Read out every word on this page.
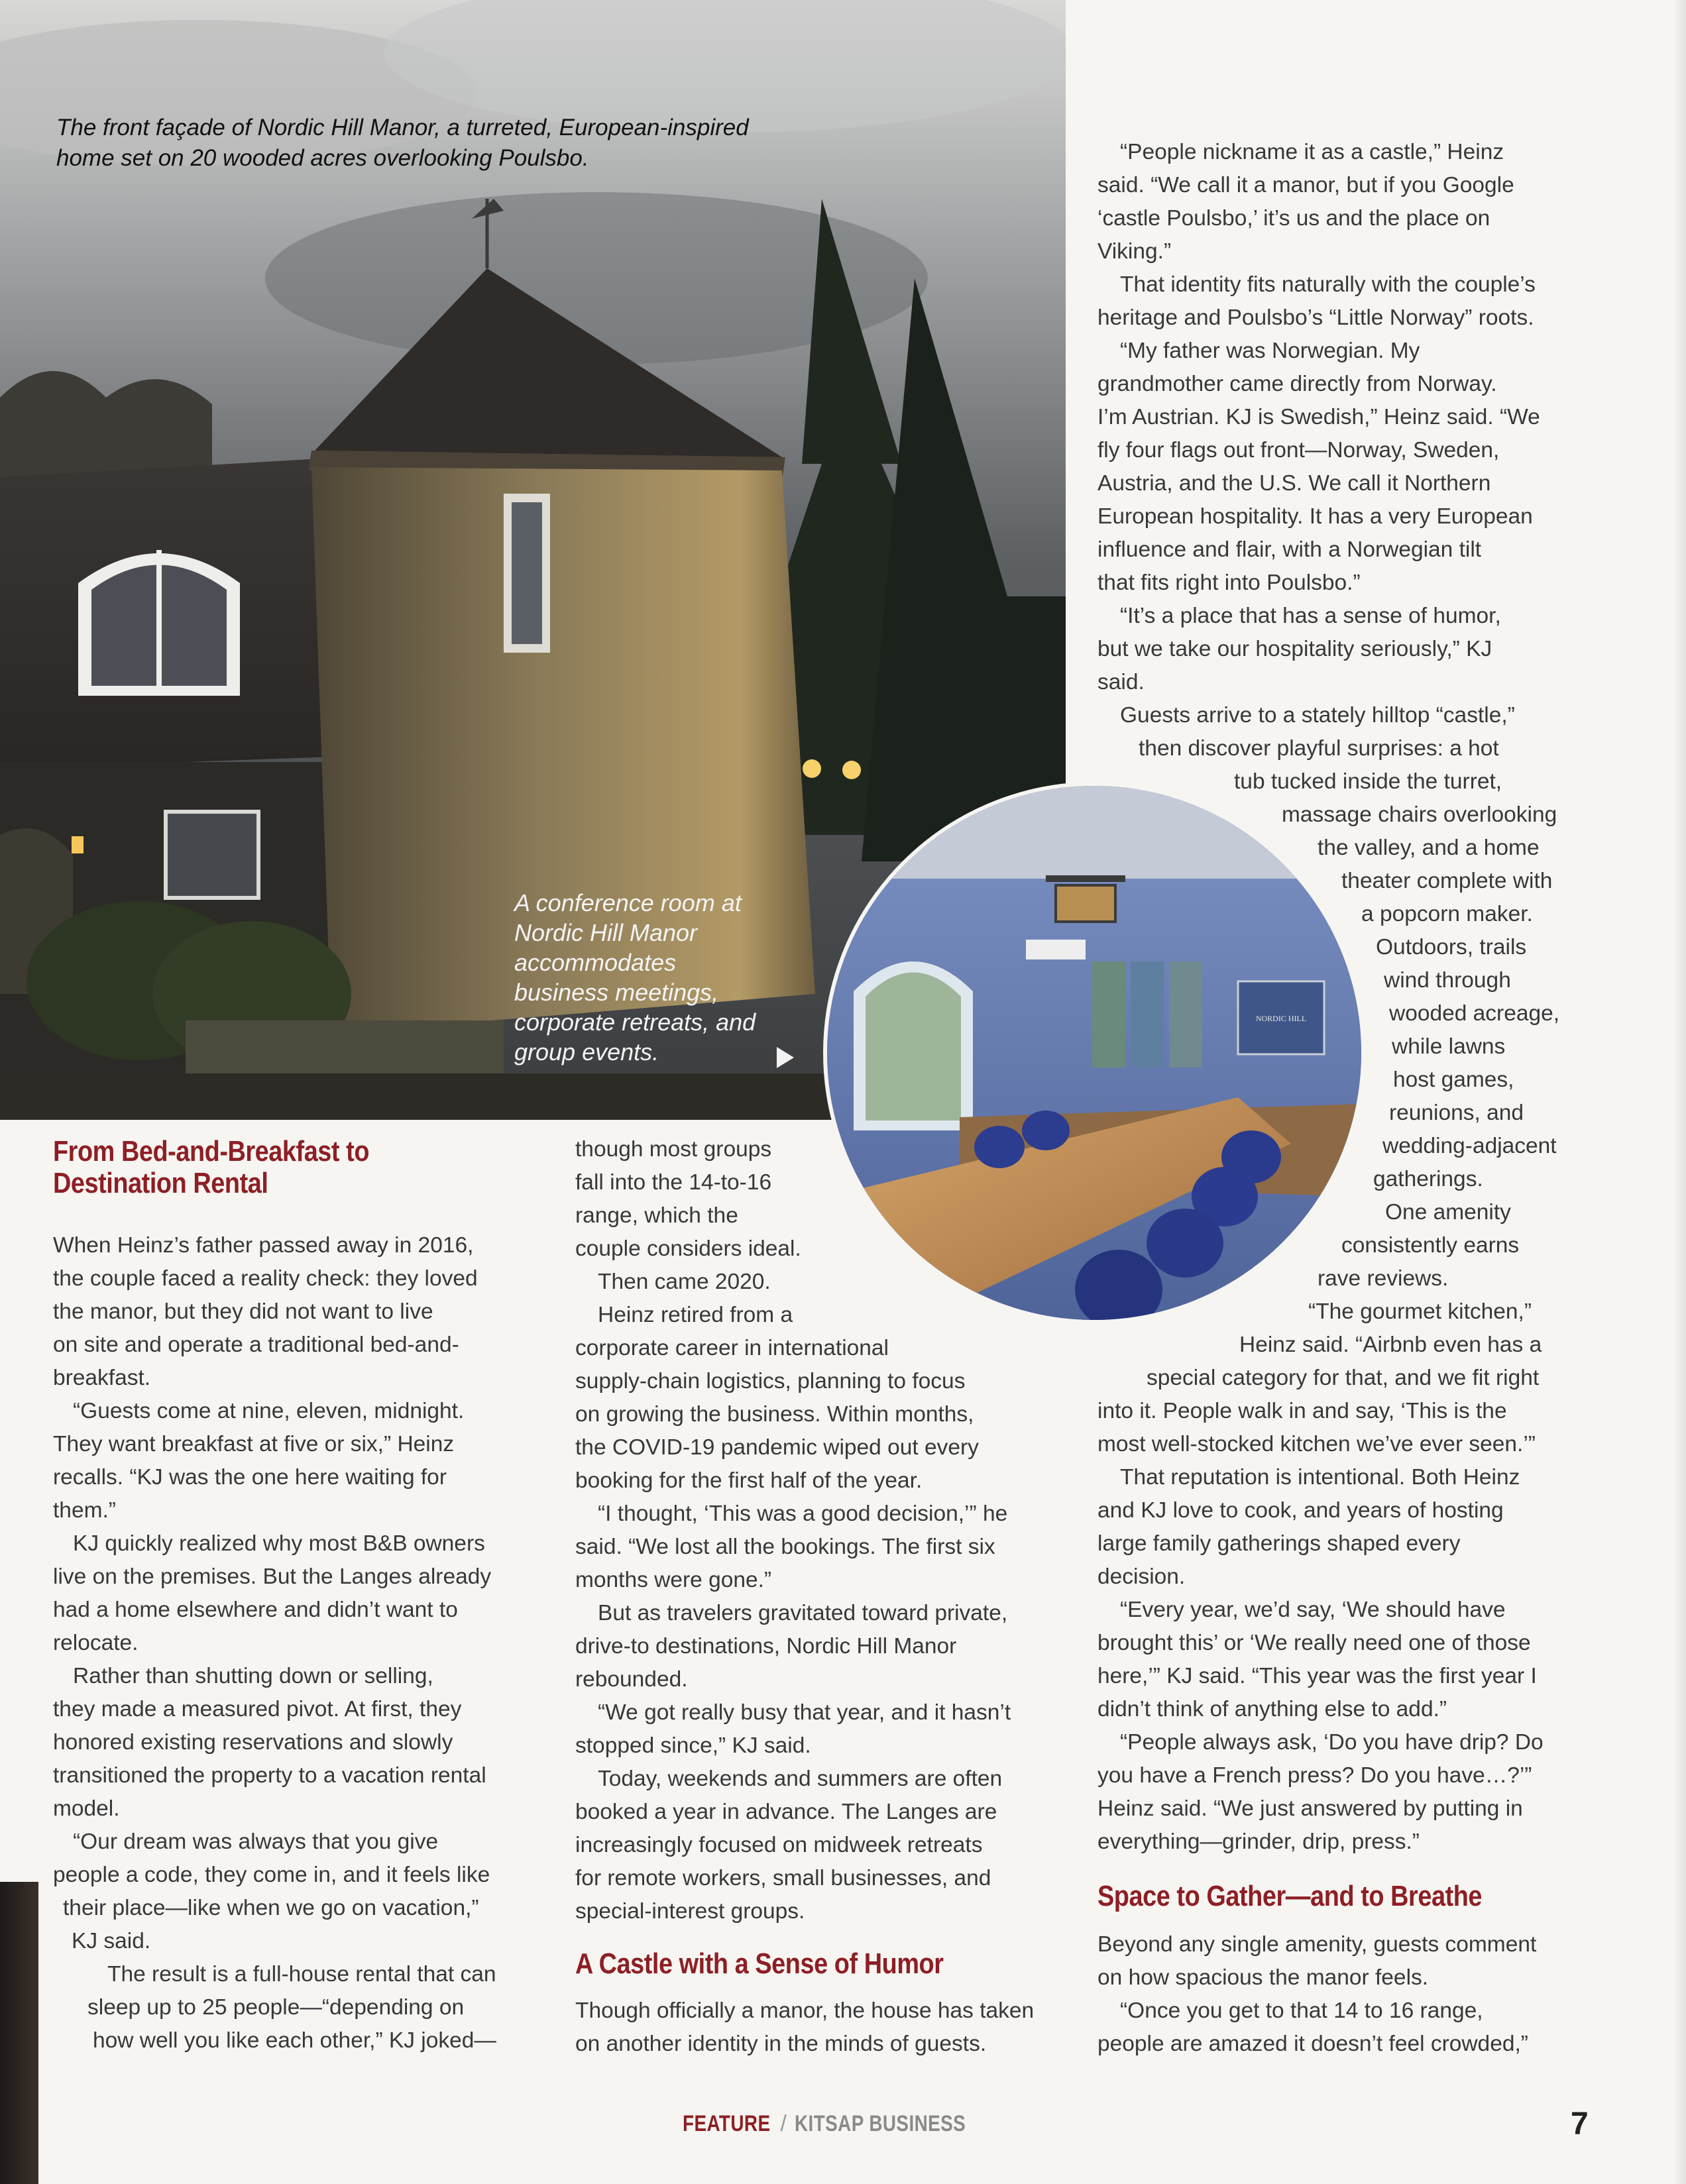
The front façade of Nordic Hill Manor, a turreted, European-inspired
home set on 20 wooded acres overlooking Poulsbo.
A conference room at
Nordic Hill Manor
accommodates
business meetings,
corporate retreats, and
group events.
NORDIC HILL
From Bed-and-Breakfast to
Destination Rental
When Heinz’s father passed away in 2016,
the couple faced a reality check: they loved
the manor, but they did not want to live
on site and operate a traditional bed-and-
breakfast.
“Guests come at nine, eleven, midnight.
They want breakfast at five or six,” Heinz
recalls. “KJ was the one here waiting for
them.”
KJ quickly realized why most B&B owners
live on the premises. But the Langes already
had a home elsewhere and didn’t want to
relocate.
Rather than shutting down or selling,
they made a measured pivot. At first, they
honored existing reservations and slowly
transitioned the property to a vacation rental
model.
“Our dream was always that you give
people a code, they come in, and it feels like
their place—like when we go on vacation,”
KJ said.
The result is a full-house rental that can
sleep up to 25 people—“depending on
how well you like each other,” KJ joked—
though most groups
fall into the 14-to-16
range, which the
couple considers ideal.
Then came 2020.
Heinz retired from a
corporate career in international
supply-chain logistics, planning to focus
on growing the business. Within months,
the COVID-19 pandemic wiped out every
booking for the first half of the year.
“I thought, ‘This was a good decision,’” he
said. “We lost all the bookings. The first six
months were gone.”
But as travelers gravitated toward private,
drive-to destinations, Nordic Hill Manor
rebounded.
“We got really busy that year, and it hasn’t
stopped since,” KJ said.
Today, weekends and summers are often
booked a year in advance. The Langes are
increasingly focused on midweek retreats
for remote workers, small businesses, and
special-interest groups.
A Castle with a Sense of Humor
Though officially a manor, the house has taken
on another identity in the minds of guests.
“People nickname it as a castle,” Heinz
said. “We call it a manor, but if you Google
‘castle Poulsbo,’ it’s us and the place on
Viking.”
That identity fits naturally with the couple’s
heritage and Poulsbo’s “Little Norway” roots.
“My father was Norwegian. My
grandmother came directly from Norway.
I’m Austrian. KJ is Swedish,” Heinz said. “We
fly four flags out front—Norway, Sweden,
Austria, and the U.S. We call it Northern
European hospitality. It has a very European
influence and flair, with a Norwegian tilt
that fits right into Poulsbo.”
“It’s a place that has a sense of humor,
but we take our hospitality seriously,” KJ
said.
Guests arrive to a stately hilltop “castle,”
then discover playful surprises: a hot
tub tucked inside the turret,
massage chairs overlooking
the valley, and a home
theater complete with
a popcorn maker.
Outdoors, trails
wind through
wooded acreage,
while lawns
host games,
reunions, and
wedding-adjacent
gatherings.
One amenity
consistently earns
rave reviews.
“The gourmet kitchen,”
Heinz said. “Airbnb even has a
special category for that, and we fit right
into it. People walk in and say, ‘This is the
most well-stocked kitchen we’ve ever seen.’”
That reputation is intentional. Both Heinz
and KJ love to cook, and years of hosting
large family gatherings shaped every
decision.
“Every year, we’d say, ‘We should have
brought this’ or ‘We really need one of those
here,’” KJ said. “This year was the first year I
didn’t think of anything else to add.”
“People always ask, ‘Do you have drip? Do
you have a French press? Do you have…?’”
Heinz said. “We just answered by putting in
everything—grinder, drip, press.”
Space to Gather—and to Breathe
Beyond any single amenity, guests comment
on how spacious the manor feels.
“Once you get to that 14 to 16 range,
people are amazed it doesn’t feel crowded,”
FEATURE / KITSAP BUSINESS	7
